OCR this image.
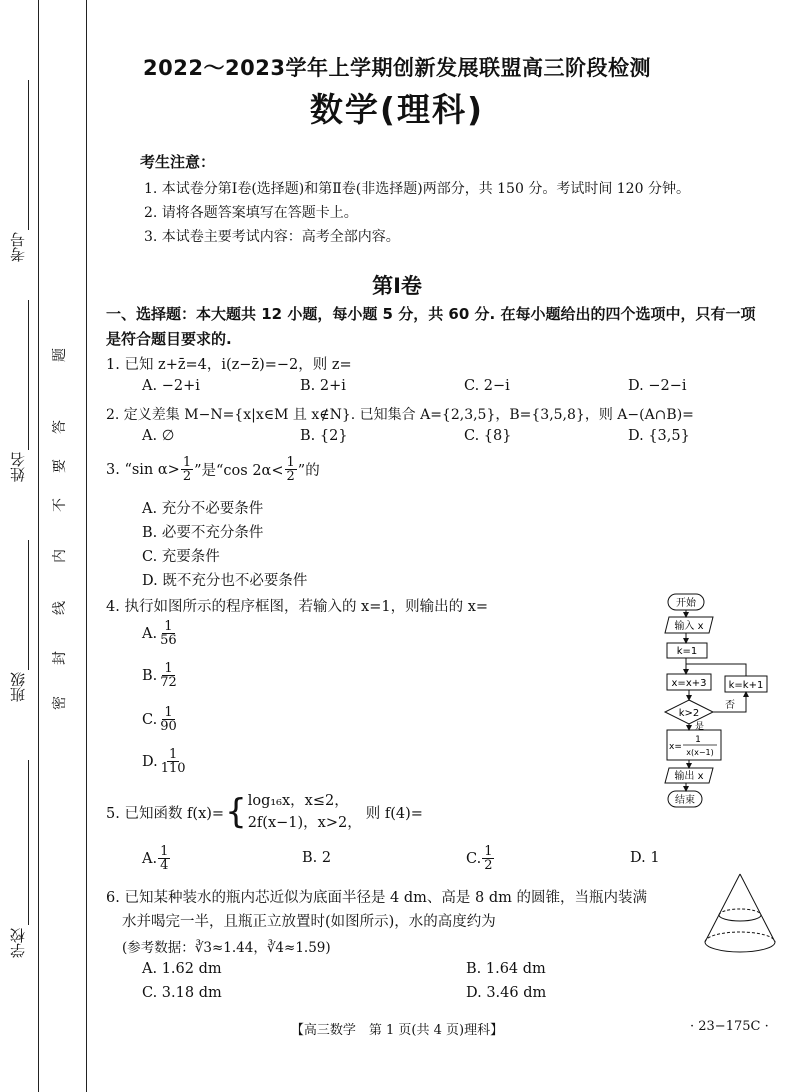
考号
姓名
班级
学校
题
答
要
不
内
线
封
密
2022～2023学年上学期创新发展联盟高三阶段检测
数学(理科)
考生注意：
1. 本试卷分第Ⅰ卷(选择题)和第Ⅱ卷(非选择题)两部分，共 150 分。考试时间 120 分钟。
2. 请将各题答案填写在答题卡上。
3. 本试卷主要考试内容：高考全部内容。
第Ⅰ卷
一、选择题：本大题共 12 小题，每小题 5 分，共 60 分. 在每小题给出的四个选项中，只有一项是符合题目要求的.
1. 已知 z+z̄=4，i(z−z̄)=−2，则 z=
A. −2+i	B. 2+i	C. 2−i	D. −2−i
2. 定义差集 M−N={x|x∈M 且 x∉N}. 已知集合 A={2,3,5}，B={3,5,8}，则 A−(A∩B)=
A. ∅	B. {2}	C. {8}	D. {3,5}
3. “sin $\alpha> \frac{1}{2}$ ”是“cos $2\alpha< \frac{1}{2}$ ”的
A. 充分不必要条件
B. 必要不充分条件
C. 充要条件
D. 既不充分也不必要条件
4. 执行如图所示的程序框图，若输入的 x=1，则输出的 x=
A. $\frac{1}{56}$
B. $\frac{1}{72}$
C. $\frac{1}{90}$
D. $\frac{1}{110}$
开始
输入 x
k=1
x=x+3
k>2
k=k+1
否
是
x=
1
x(x−1)
输出 x
结束
5. 已知函数 f(x)= { log₁₆x，x≤2，
2f(x−1)，x>2，
则 f(4)=
A. $\frac{1}{4}$	B. 2	C. $\frac{1}{2}$	D. 1
6. 已知某种装水的瓶内芯近似为底面半径是 4 dm、高是 8 dm 的圆锥，当瓶内装满
水并喝完一半，且瓶正立放置时(如图所示)，水的高度约为
(参考数据：∛3≈1.44，∛4≈1.59)
A. 1.62 dm	B. 1.64 dm
C. 3.18 dm	D. 3.46 dm
【高三数学　第 1 页(共 4 页)理科】	· 23−175C ·
